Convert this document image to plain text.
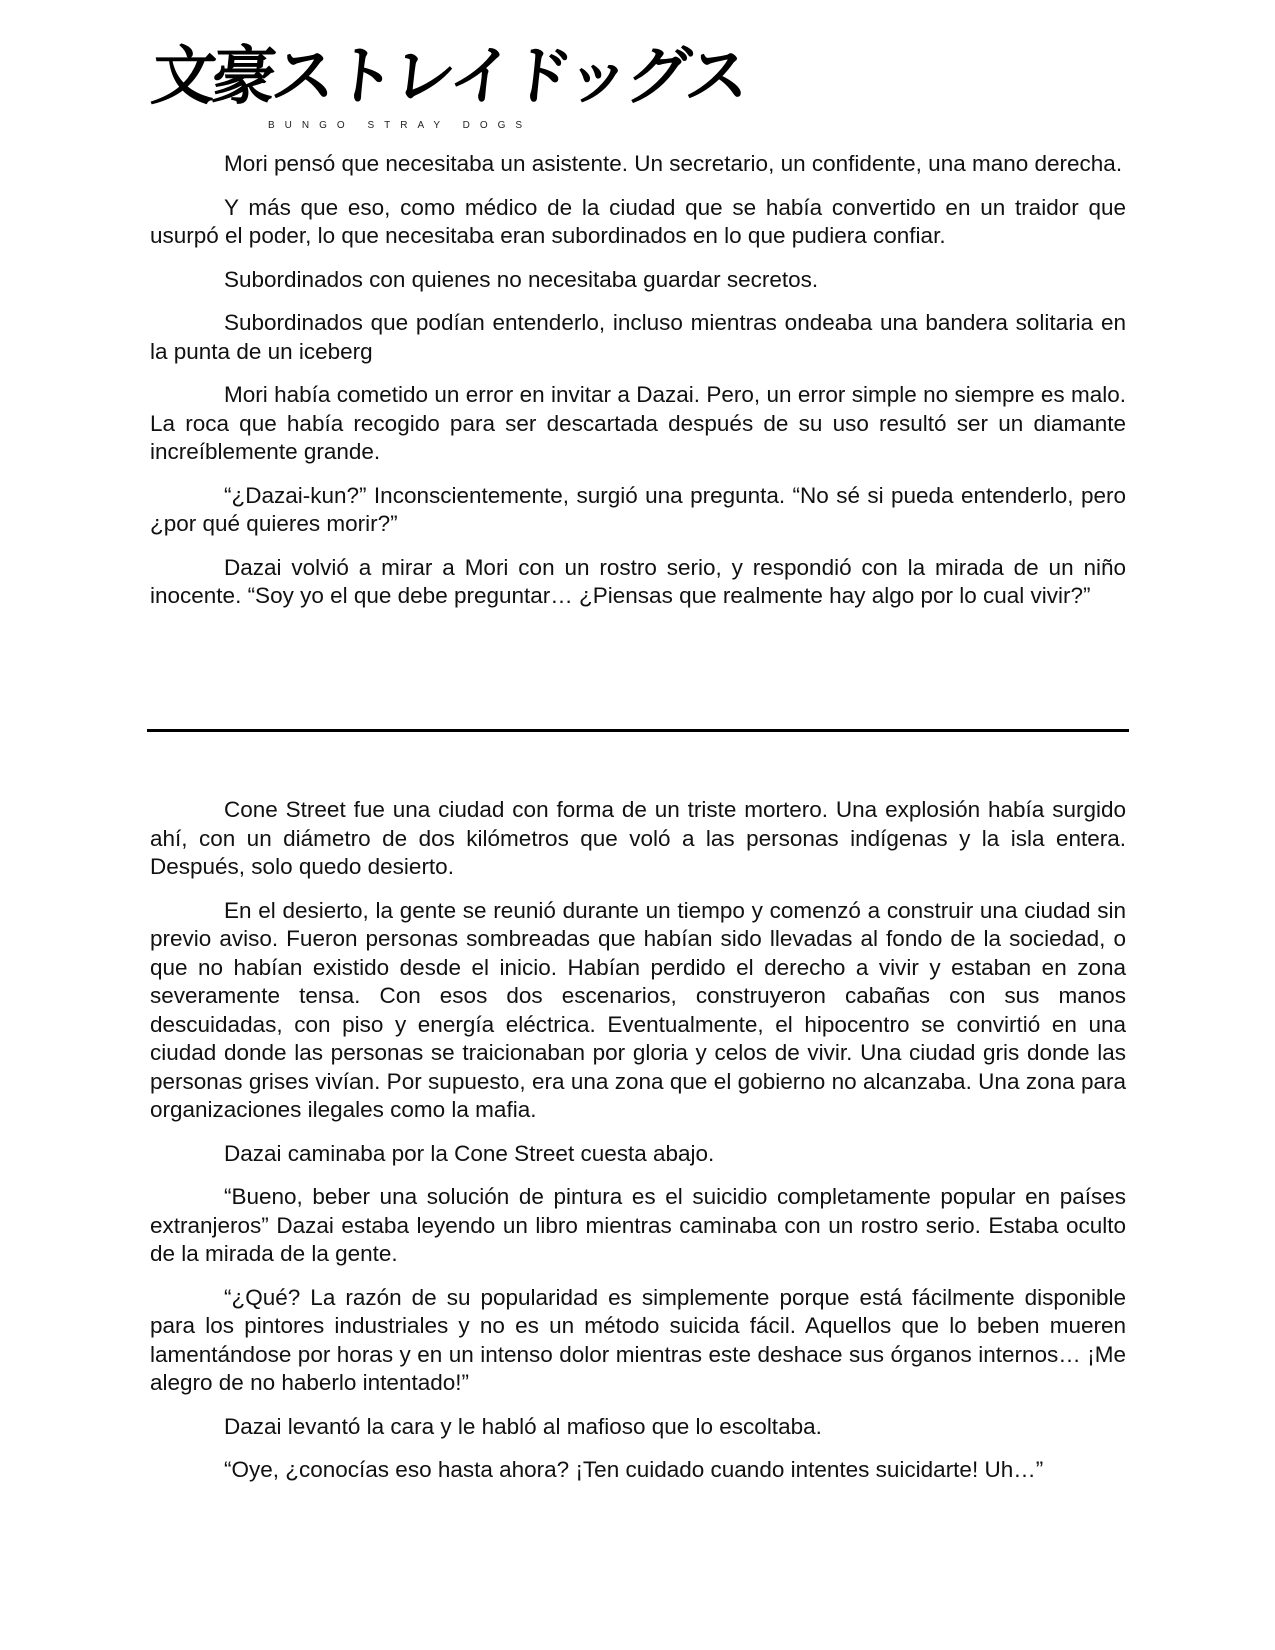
文豪ストレイドッグス
BUNGO STRAY DOGS

Mori pensó que necesitaba un asistente. Un secretario, un confidente, una mano derecha.

Y más que eso, como médico de la ciudad que se había convertido en un traidor que usurpó el poder, lo que necesitaba eran subordinados en lo que pudiera confiar.

Subordinados con quienes no necesitaba guardar secretos.

Subordinados que podían entenderlo, incluso mientras ondeaba una bandera solitaria en la punta de un iceberg

Mori había cometido un error en invitar a Dazai. Pero, un error simple no siempre es malo. La roca que había recogido para ser descartada después de su uso resultó ser un diamante increíblemente grande.

“¿Dazai-kun?” Inconscientemente, surgió una pregunta. “No sé si pueda entenderlo, pero ¿por qué quieres morir?”

Dazai volvió a mirar a Mori con un rostro serio, y respondió con la mirada de un niño inocente. “Soy yo el que debe preguntar… ¿Piensas que realmente hay algo por lo cual vivir?”

Cone Street fue una ciudad con forma de un triste mortero. Una explosión había surgido ahí, con un diámetro de dos kilómetros que voló a las personas indígenas y la isla entera. Después, solo quedo desierto.

En el desierto, la gente se reunió durante un tiempo y comenzó a construir una ciudad sin previo aviso. Fueron personas sombreadas que habían sido llevadas al fondo de la sociedad, o que no habían existido desde el inicio. Habían perdido el derecho a vivir y estaban en zona severamente tensa. Con esos dos escenarios, construyeron cabañas con sus manos descuidadas, con piso y energía eléctrica. Eventualmente, el hipocentro se convirtió en una ciudad donde las personas se traicionaban por gloria y celos de vivir. Una ciudad gris donde las personas grises vivían. Por supuesto, era una zona que el gobierno no alcanzaba. Una zona para organizaciones ilegales como la mafia.

Dazai caminaba por la Cone Street cuesta abajo.

“Bueno, beber una solución de pintura es el suicidio completamente popular en países extranjeros” Dazai estaba leyendo un libro mientras caminaba con un rostro serio. Estaba oculto de la mirada de la gente.

“¿Qué? La razón de su popularidad es simplemente porque está fácilmente disponible para los pintores industriales y no es un método suicida fácil. Aquellos que lo beben mueren lamentándose por horas y en un intenso dolor mientras este deshace sus órganos internos… ¡Me alegro de no haberlo intentado!”

Dazai levantó la cara y le habló al mafioso que lo escoltaba.

“Oye, ¿conocías eso hasta ahora? ¡Ten cuidado cuando intentes suicidarte! Uh…”
